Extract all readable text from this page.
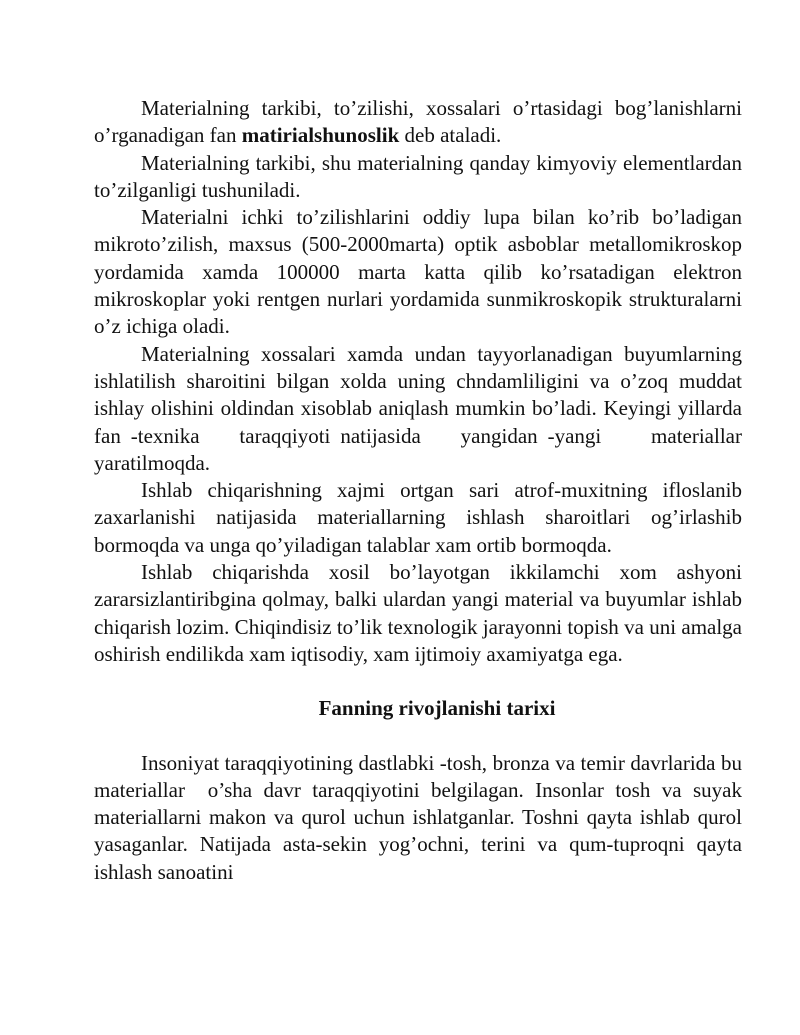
Materialning tarkibi, to’zilishi, xossalari o’rtasidagi bog’lanishlarni o’rganadigan fan matirialshunoslik deb ataladi.

Materialning tarkibi, shu materialning qanday kimyoviy elementlardan to’zilganligi tushuniladi.

Materialni ichki to’zilishlarini oddiy lupa bilan ko’rib bo’ladigan mikroto’zilish, maxsus (500-2000marta) optik asboblar metallomikroskop yordamida xamda 100000 marta katta qilib ko’rsatadigan elektron mikroskoplar yoki rentgen nurlari yordamida sunmikroskopik strukturalarni o’z ichiga oladi.

Materialning xossalari xamda undan tayyorlanadigan buyumlarning ishlatilish sharoitini bilgan xolda uning chndamliligini va o’zoq muddat ishlay olishini oldindan xisoblab aniqlash mumkin bo’ladi. Keyingi yillarda fan -texnika    taraqqiyoti natijasida    yangidan -yangi     materiallar yaratilmoqda.

Ishlab chiqarishning xajmi ortgan sari atrof-muxitning ifloslanib zaxarlanishi natijasida materiallarning ishlash sharoitlari og’irlashib bormoqda va unga qo’yiladigan talablar xam ortib bormoqda.

Ishlab chiqarishda xosil bo’layotgan ikkilamchi xom ashyoni zararsizlantiribgina qolmay, balki ulardan yangi material va buyumlar ishlab chiqarish lozim. Chiqindisiz to’lik texnologik jarayonni topish va uni amalga oshirish endilikda xam iqtisodiy, xam ijtimoiy axamiyatga ega.

Fanning rivojlanishi tarixi

Insoniyat taraqqiyotining dastlabki -tosh, bronza va temir davrlarida bu materiallar  o’sha davr taraqqiyotini belgilagan. Insonlar tosh va suyak materiallarni makon va qurol uchun ishlatganlar. Toshni qayta ishlab qurol yasaganlar. Natijada asta-sekin yog’ochni, terini va qum-tuproqni qayta ishlash sanoatini
